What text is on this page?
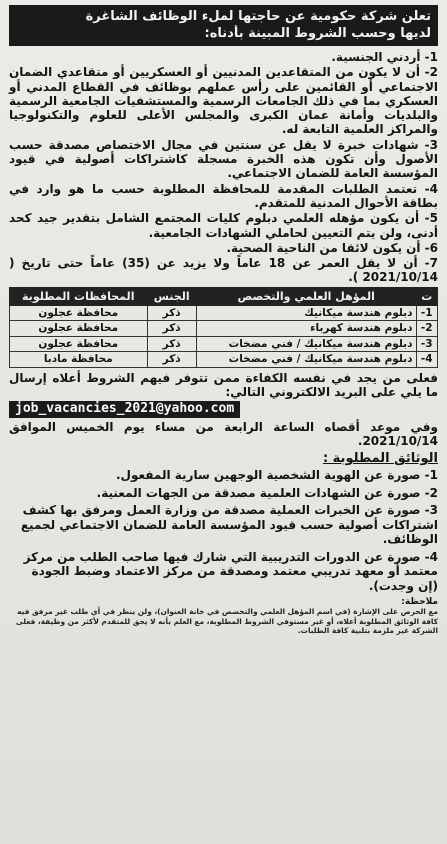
تعلن شركة حكومية عن حاجتها لملء الوظائف الشاغرة
لديها وحسب الشروط المبينة بأدناه:
1- أردني الجنسية.
2- أن لا يكون من المتقاعدين المدنيين أو العسكريين أو متقاعدي الضمان الاجتماعي أو القائمين على رأس عملهم بوظائف في القطاع المدني أو العسكري بما في ذلك الجامعات الرسمية والمستشفيات الجامعية الرسمية والبلديات وأمانة عمان الكبرى والمجلس الأعلى للعلوم والتكنولوجيا والمراكز العلمية التابعة له.
3- شهادات خبرة لا يقل عن سنتين في مجال الاختصاص مصدقة حسب الأصول وأن تكون هذه الخبرة مسجلة كاشتراكات أصولية في قيود المؤسسة العامة للضمان الاجتماعي.
4- تعتمد الطلبات المقدمة للمحافظة المطلوبة حسب ما هو وارد في بطاقة الأحوال المدنية للمتقدم.
5- أن يكون مؤهله العلمي دبلوم كليات المجتمع الشامل بتقدير جيد كحد أدنى، ولن يتم التعيين لحاملي الشهادات الجامعية.
6- أن يكون لائقا من الناحية الصحية.
7- أن لا يقل العمر عن 18 عاماً ولا يزيد عن (35) عاماً حتى تاريخ ( 2021/10/14 ).
ت	المؤهل العلمي والتخصص	الجنس	المحافظات المطلوبة
1-	دبلوم هندسة ميكانيك	ذكر	محافظة عجلون
2-	دبلوم هندسة كهرباء	ذكر	محافظة عجلون
3-	دبلوم هندسة ميكانيك / فني مضخات	ذكر	محافظة عجلون
4-	دبلوم هندسة ميكانيك / فني مضخات	ذكر	محافظة مادبا
فعلى من يجد في نفسه الكفاءة ممن تتوفر فيهم الشروط أعلاه إرسال ما يلي على البريد الالكتروني التالي:
job_vacancies_2021@yahoo.com
وفي موعد أقصاه الساعة الرابعة من مساء يوم الخميس الموافق 2021/10/14.
الوثائق المطلوبة :
1- صورة عن الهوية الشخصية الوجهين سارية المفعول.
2- صورة عن الشهادات العلمية مصدقة من الجهات المعنية.
3- صورة عن الخبرات العملية مصدقة من وزارة العمل ومرفق بها كشف اشتراكات أصولية حسب قيود المؤسسة العامة للضمان الاجتماعي لجميع الوظائف.
4- صورة عن الدورات التدريبية التي شارك فيها صاحب الطلب من مركز معتمد أو معهد تدريبي معتمد ومصدقة من مركز الاعتماد وضبط الجودة (إن وجدت).
ملاحظة:
مع الحرص على الإشارة (في اسم المؤهل العلمي والتخصص في خانة العنوان)، ولن ينظر في أي طلب غير مرفق فيه كافة الوثائق المطلوبة أعلاه، أو غير مستوفي الشروط المطلوبة، مع العلم بأنه لا يحق للمتقدم لأكثر من وظيفة، فعلى الشركة غير ملزمة بتلبية كافة الطلبات.
